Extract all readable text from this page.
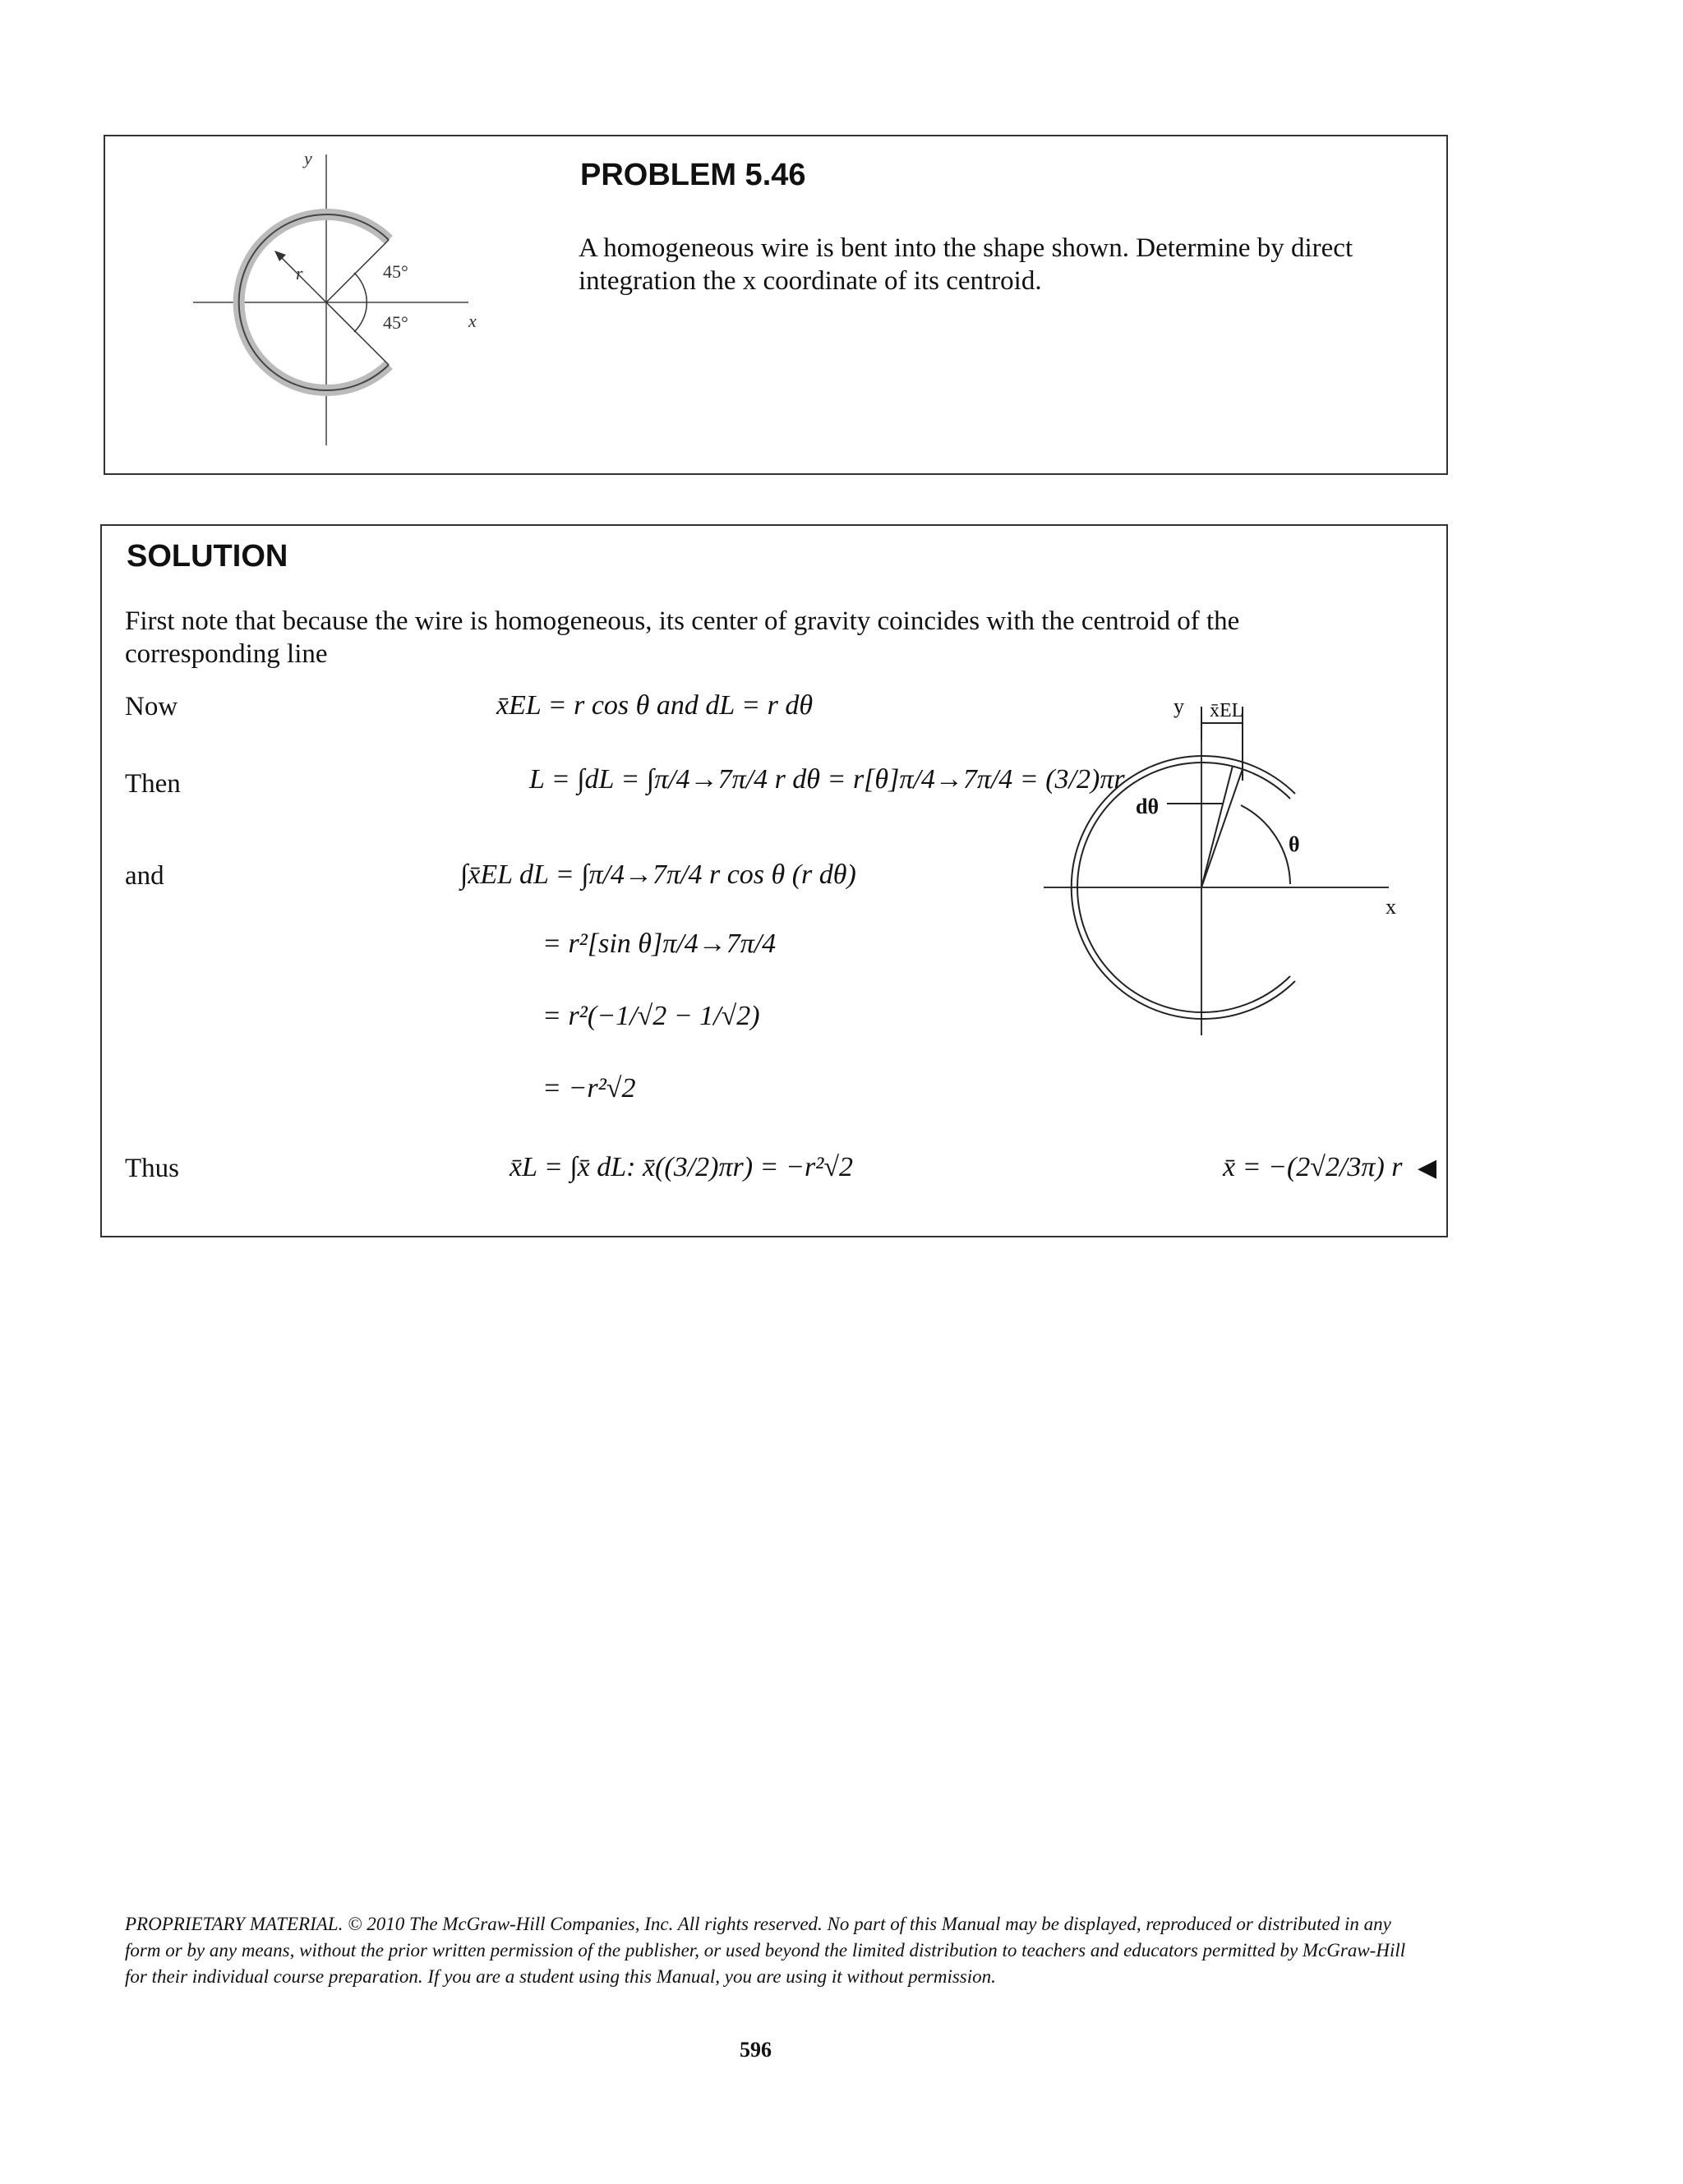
y
x
r	45°
45°
PROBLEM 5.46
A homogeneous wire is bent into the shape shown. Determine by direct
integration the x coordinate of its centroid.
SOLUTION
First note that because the wire is homogeneous, its center of gravity coincides with the centroid of the
corresponding line
Now
Then
and
Thus
x̄EL = r cos θ and dL = r dθ
L = ∫dL = ∫π/4→7π/4 r dθ = r[θ]π/4→7π/4 = (3/2)πr
∫x̄EL dL = ∫π/4→7π/4 r cos θ (r dθ)
= r²[sin θ]π/4→7π/4
= r²(−1/√2 − 1/√2)
= −r²√2
x̄L = ∫x̄ dL: x̄((3/2)πr) = −r²√2	x̄ = −(2√2/3π) r ◀
y x̄EL
dθ
θ
x
PROPRIETARY MATERIAL. © 2010 The McGraw-Hill Companies, Inc. All rights reserved. No part of this Manual may be displayed, reproduced or distributed in any form or by any means, without the prior written permission of the publisher, or used beyond the limited distribution to teachers and educators permitted by McGraw-Hill for their individual course preparation. If you are a student using this Manual, you are using it without permission.
596
